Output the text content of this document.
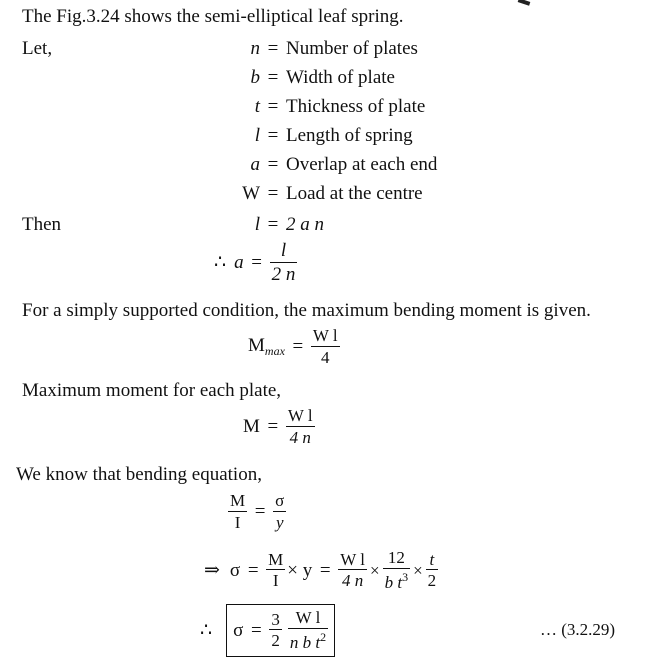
The Fig.3.24 shows the semi-elliptical leaf spring.
Let,	n = Number of plates
b = Width of plate
t = Thickness of plate
l = Length of spring
a = Overlap at each end
W = Load at the centre
Then	l = 2 a n
∴ $a = \frac{l}{2 n}$
For a simply supported condition, the maximum bending moment is given.
$M_{max} = \frac{\text{W l}}{4}$
Maximum moment for each plate,
$M = \frac{\text{W l}}{4 n}$
We know that bending equation,
$\frac{M}{I} = \frac{\sigma}{y}$
⇒ $\sigma = \frac{M}{I} \times y = \frac{\text{W l}}{4 n} \times \frac{12}{b t^3} \times \frac{t}{2}$
∴ $\sigma = \frac{3}{2} \frac{\text{W l}}{n b t^2}$	… (3.2.29)
